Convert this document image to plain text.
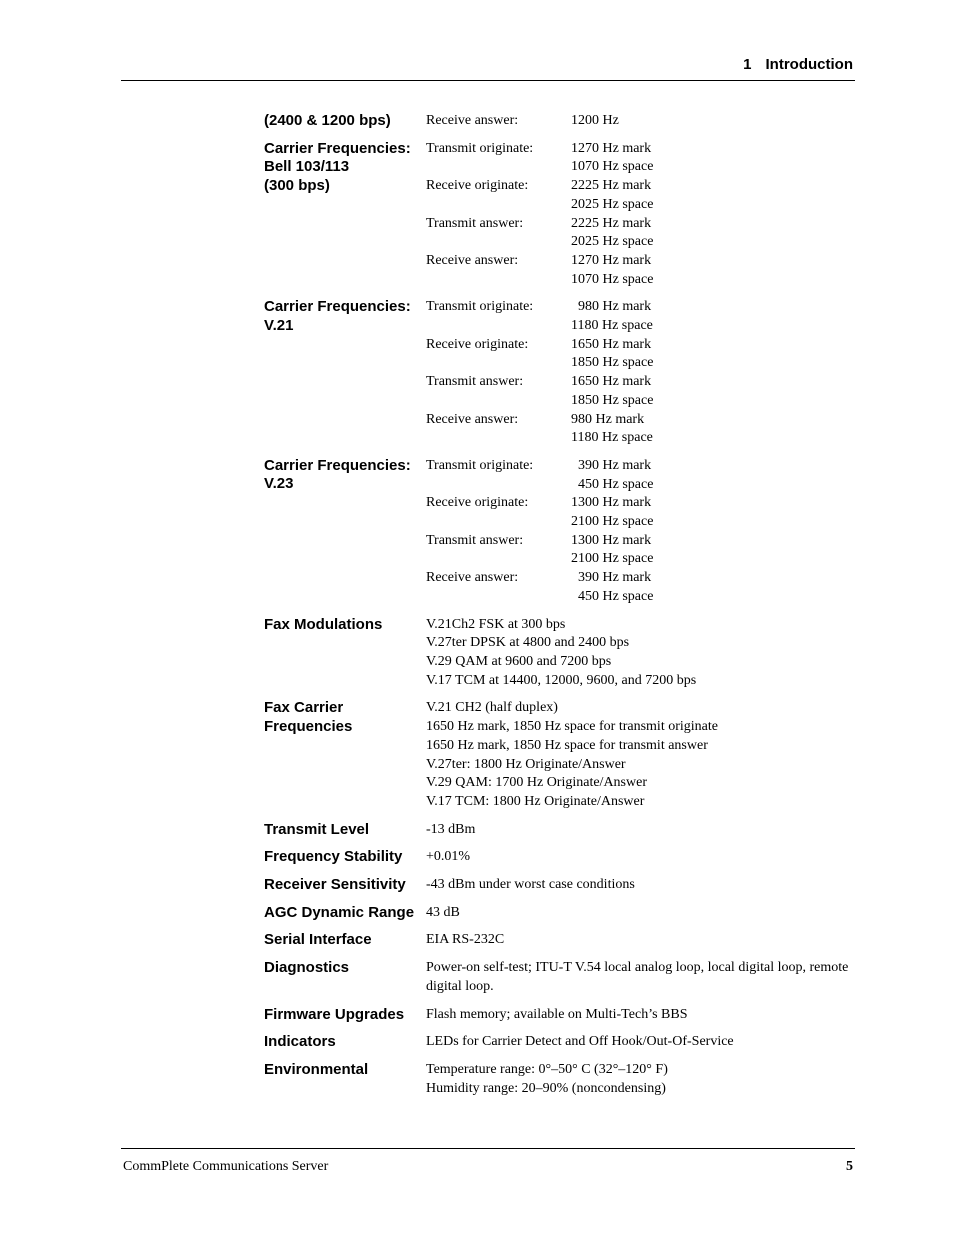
1 Introduction
(2400 & 1200 bps)	Receive answer:	1200 Hz
Carrier Frequencies:
Bell 103/113
(300 bps)
Transmit originate:	1270 Hz mark
1070 Hz space
Receive originate:	2225 Hz mark
2025 Hz space
Transmit answer:	2225 Hz mark
2025 Hz space
Receive answer:	1270 Hz mark
1070 Hz space
Carrier Frequencies:
V.21
Transmit originate:	980 Hz mark
1180 Hz space
Receive originate:	1650 Hz mark
1850 Hz space
Transmit answer:	1650 Hz mark
1850 Hz space
Receive answer:	980 Hz mark
1180 Hz space
Carrier Frequencies:
V.23
Transmit originate:	390 Hz mark
450 Hz space
Receive originate:	1300 Hz mark
2100 Hz space
Transmit answer:	1300 Hz mark
2100 Hz space
Receive answer:	390 Hz mark
450 Hz space
Fax Modulations	V.21Ch2 FSK at 300 bps
V.27ter DPSK at 4800 and 2400 bps
V.29 QAM at 9600 and 7200 bps
V.17 TCM at 14400, 12000, 9600, and 7200 bps
Fax Carrier
Frequencies
V.21 CH2 (half duplex)
1650 Hz mark, 1850 Hz space for transmit originate
1650 Hz mark, 1850 Hz space for transmit answer
V.27ter: 1800 Hz Originate/Answer
V.29 QAM: 1700 Hz Originate/Answer
V.17 TCM: 1800 Hz Originate/Answer
Transmit Level	-13 dBm
Frequency Stability	+0.01%
Receiver Sensitivity	-43 dBm under worst case conditions
AGC Dynamic Range 43 dB
Serial Interface	EIA RS-232C
Diagnostics	Power-on self-test; ITU-T V.54 local analog loop, local digital loop, remote digital loop.
Firmware Upgrades	Flash memory; available on Multi-Tech’s BBS
Indicators	LEDs for Carrier Detect and Off Hook/Out-Of-Service
Environmental	Temperature range: 0°–50° C (32°–120° F)
Humidity range: 20–90% (noncondensing)
CommPlete Communications Server	5
